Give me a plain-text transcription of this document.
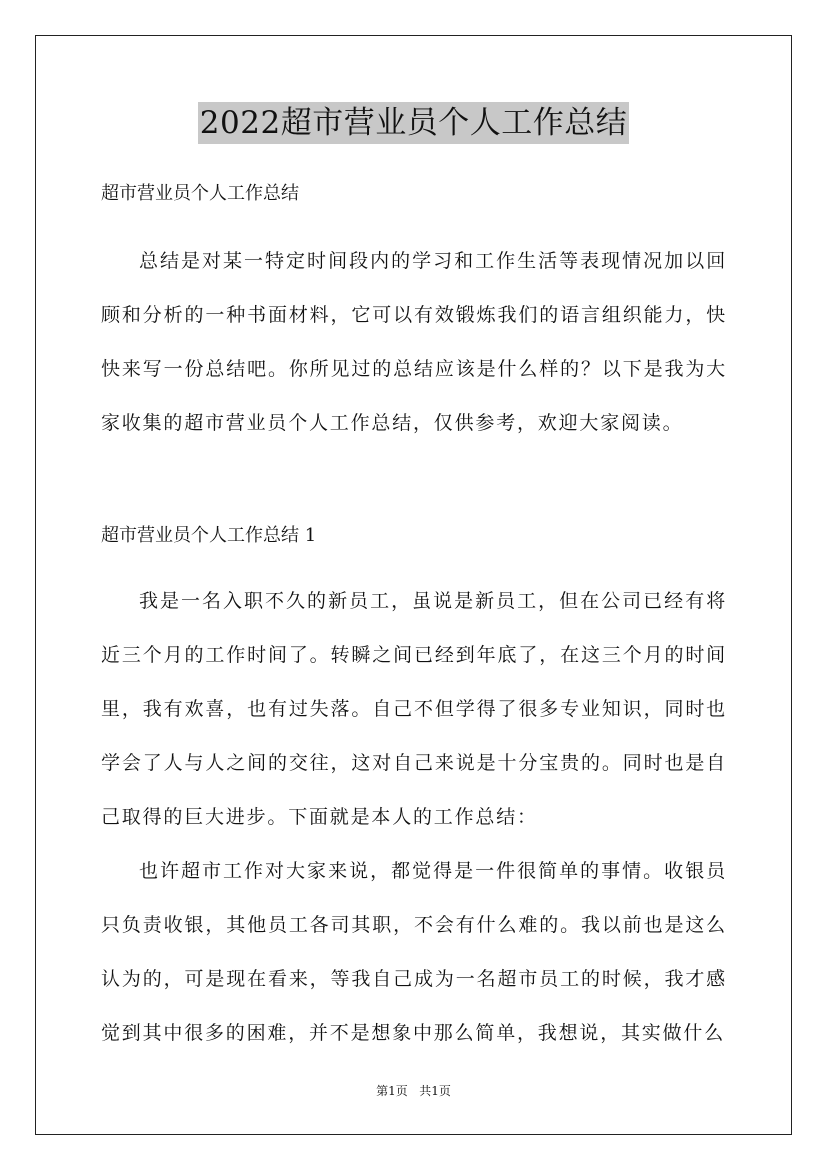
2022超市营业员个人工作总结

超市营业员个人工作总结

总结是对某一特定时间段内的学习和工作生活等表现情况加以回顾和分析的一种书面材料，它可以有效锻炼我们的语言组织能力，快快来写一份总结吧。你所见过的总结应该是什么样的？以下是我为大家收集的超市营业员个人工作总结，仅供参考，欢迎大家阅读。

超市营业员个人工作总结 1

我是一名入职不久的新员工，虽说是新员工，但在公司已经有将近三个月的工作时间了。转瞬之间已经到年底了，在这三个月的时间里，我有欢喜，也有过失落。自己不但学得了很多专业知识，同时也学会了人与人之间的交往，这对自己来说是十分宝贵的。同时也是自己取得的巨大进步。下面就是本人的工作总结：

也许超市工作对大家来说，都觉得是一件很简单的事情。收银员只负责收银，其他员工各司其职，不会有什么难的。我以前也是这么认为的，可是现在看来，等我自己成为一名超市员工的时候，我才感觉到其中很多的困难，并不是想象中那么简单，我想说，其实做什么

第1页   共1页
